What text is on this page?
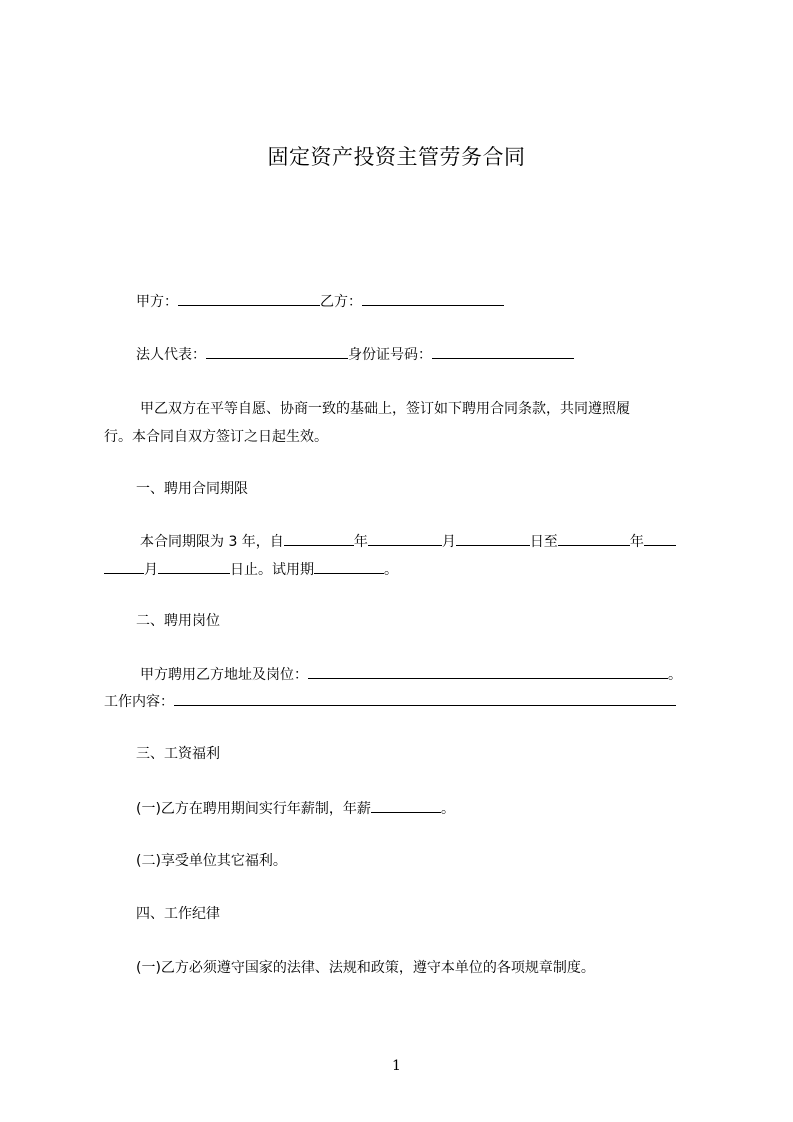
固定资产投资主管劳务合同
甲方：	乙方：
法人代表：	身份证号码：
甲乙双方在平等自愿、协商一致的基础上，签订如下聘用合同条款，共同遵照履
行。本合同自双方签订之日起生效。
一、聘用合同期限
本合同期限为 3 年，自	年	月	日至	年
月	日止。试用期	。
二、聘用岗位
甲方聘用乙方地址及岗位：	。
工作内容：
三、工资福利
(一)乙方在聘用期间实行年薪制，年薪	。
(二)享受单位其它福利。
四、工作纪律
(一)乙方必须遵守国家的法律、法规和政策，遵守本单位的各项规章制度。
1
